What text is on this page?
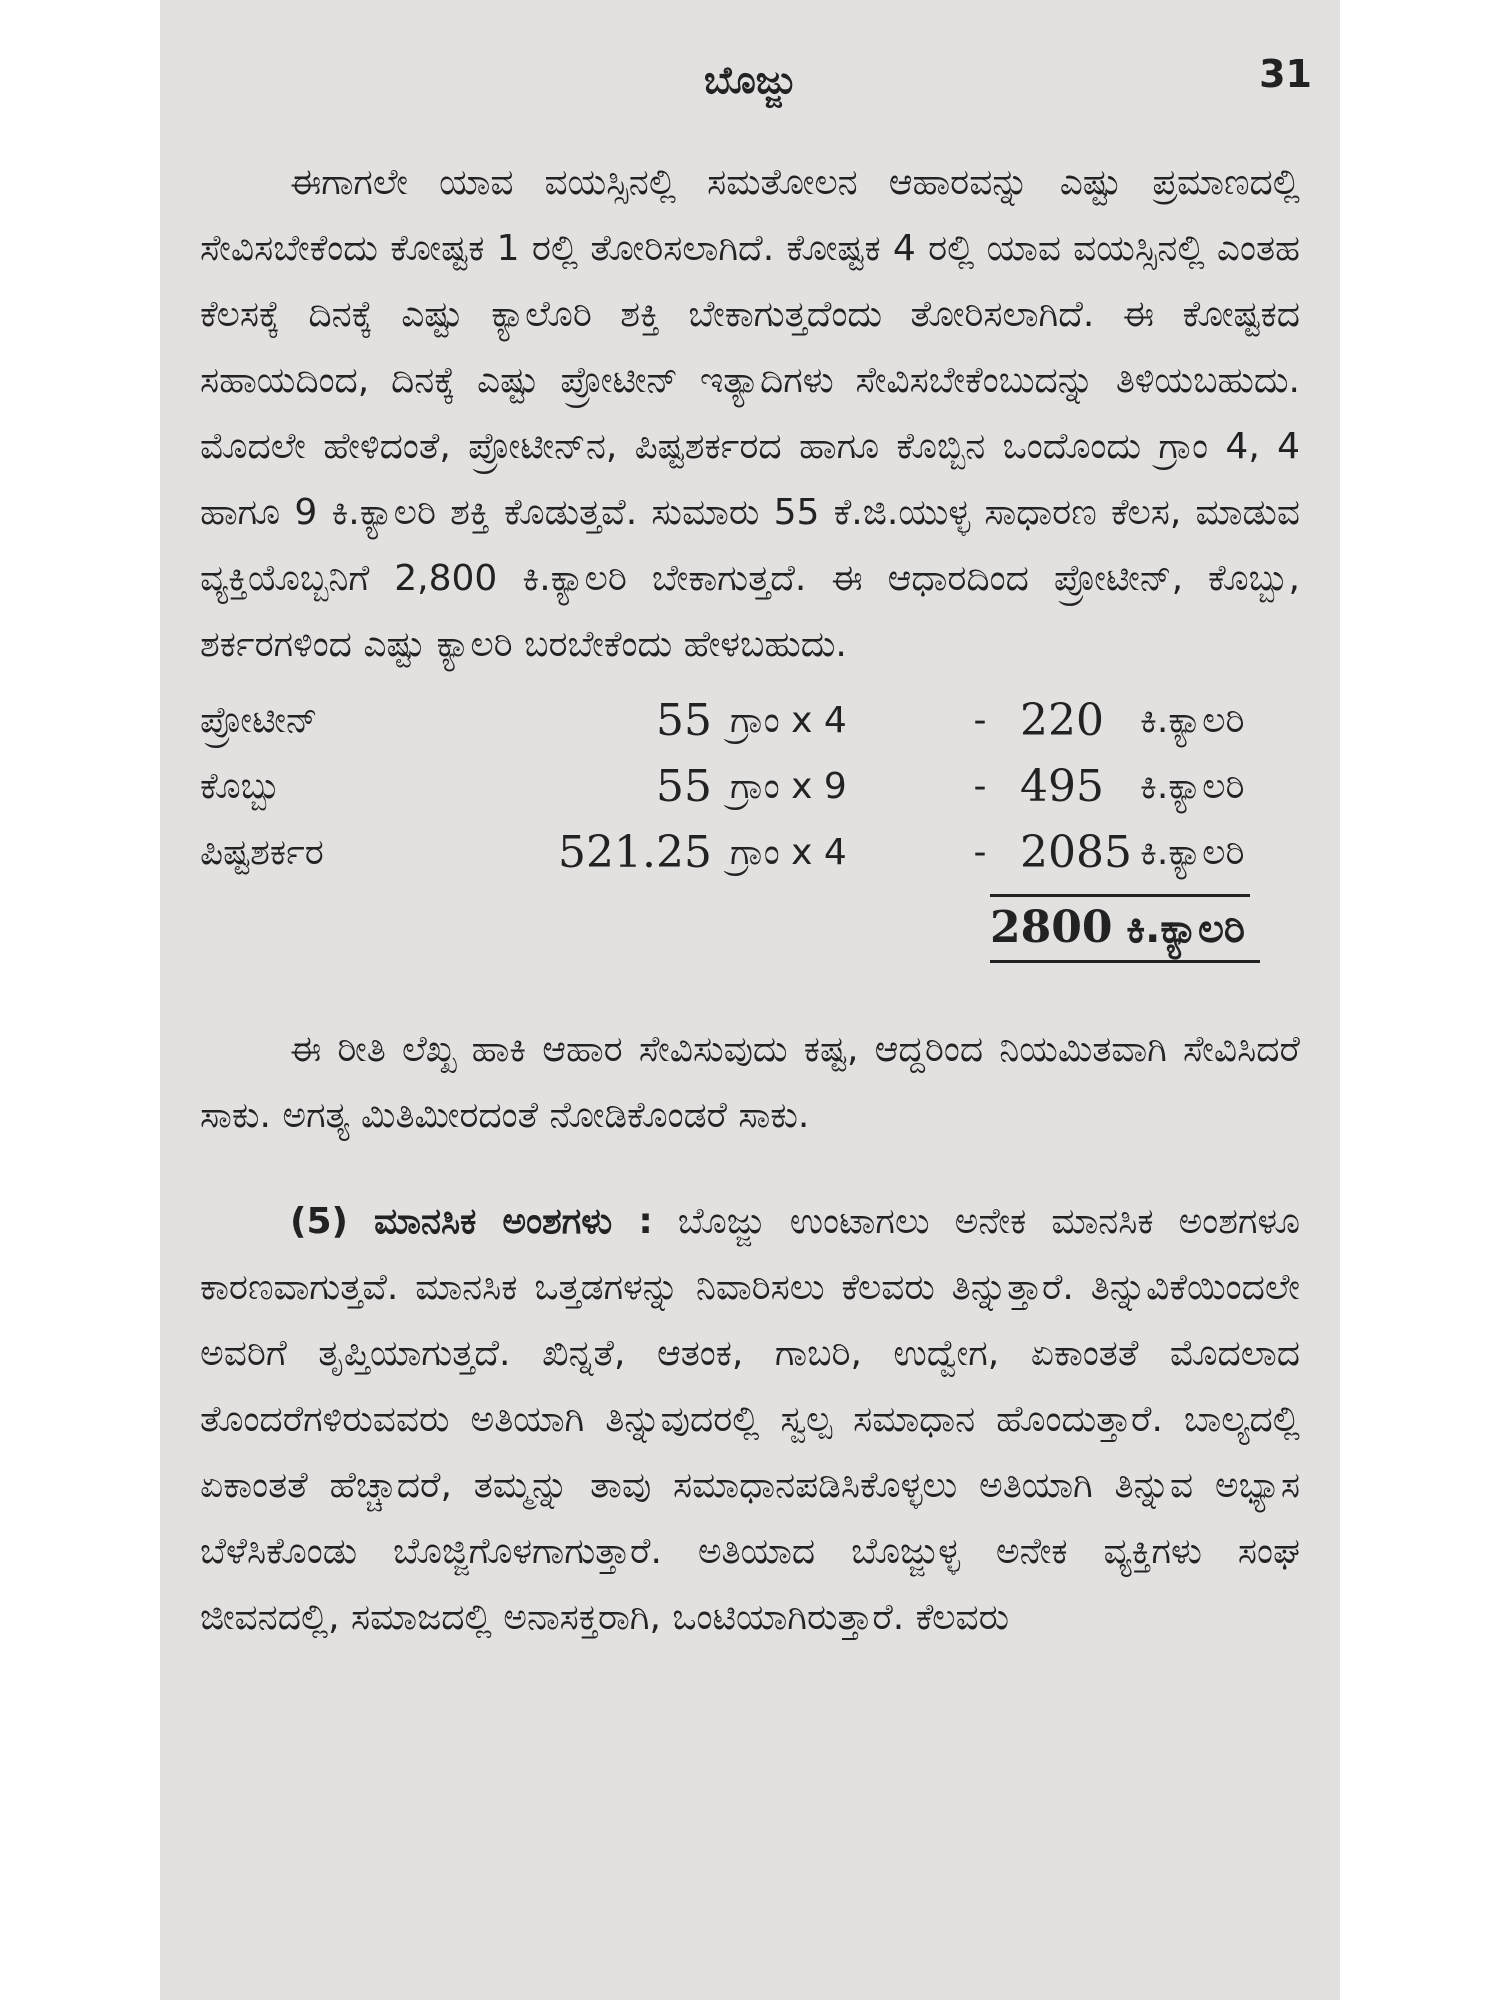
ಬೊಜ್ಜು	31

ಈಗಾಗಲೇ ಯಾವ ವಯಸ್ಸಿನಲ್ಲಿ ಸಮತೋಲನ ಆಹಾರವನ್ನು ಎಷ್ಟು ಪ್ರಮಾಣದಲ್ಲಿ ಸೇವಿಸಬೇಕೆಂದು ಕೋಷ್ಟಕ 1 ರಲ್ಲಿ ತೋರಿಸಲಾಗಿದೆ. ಕೋಷ್ಟಕ 4 ರಲ್ಲಿ ಯಾವ ವಯಸ್ಸಿನಲ್ಲಿ ಎಂತಹ ಕೆಲಸಕ್ಕೆ ದಿನಕ್ಕೆ ಎಷ್ಟು ಕ್ಯಾಲೊರಿ ಶಕ್ತಿ ಬೇಕಾಗುತ್ತದೆಂದು ತೋರಿಸಲಾಗಿದೆ. ಈ ಕೋಷ್ಟಕದ ಸಹಾಯದಿಂದ, ದಿನಕ್ಕೆ ಎಷ್ಟು ಪ್ರೋಟೀನ್ ಇತ್ಯಾದಿಗಳು ಸೇವಿಸಬೇಕೆಂಬುದನ್ನು ತಿಳಿಯಬಹುದು. ಮೊದಲೇ ಹೇಳಿದಂತೆ, ಪ್ರೋಟೀನ್‌ನ, ಪಿಷ್ಟಶರ್ಕರದ ಹಾಗೂ ಕೊಬ್ಬಿನ ಒಂದೊಂದು ಗ್ರಾಂ 4, 4 ಹಾಗೂ 9 ಕಿ.ಕ್ಯಾಲರಿ ಶಕ್ತಿ ಕೊಡುತ್ತವೆ. ಸುಮಾರು 55 ಕೆ.ಜಿ.ಯುಳ್ಳ ಸಾಧಾರಣ ಕೆಲಸ, ಮಾಡುವ ವ್ಯಕ್ತಿಯೊಬ್ಬನಿಗೆ 2,800 ಕಿ.ಕ್ಯಾಲರಿ ಬೇಕಾಗುತ್ತದೆ. ಈ ಆಧಾರದಿಂದ ಪ್ರೋಟೀನ್, ಕೊಬ್ಬು, ಶರ್ಕರಗಳಿಂದ ಎಷ್ಟು ಕ್ಯಾಲರಿ ಬರಬೇಕೆಂದು ಹೇಳಬಹುದು.

ಪ್ರೋಟೀನ್	55 ಗ್ರಾಂ x 4	- 220	ಕಿ.ಕ್ಯಾಲರಿ
ಕೊಬ್ಬು	55 ಗ್ರಾಂ x 9	- 495	ಕಿ.ಕ್ಯಾಲರಿ
ಪಿಷ್ಟಶರ್ಕರ	521.25 ಗ್ರಾಂ x 4	- 2085 ಕಿ.ಕ್ಯಾಲರಿ
2800 ಕಿ.ಕ್ಯಾಲರಿ

ಈ ರೀತಿ ಲೆಖ್ಖ ಹಾಕಿ ಆಹಾರ ಸೇವಿಸುವುದು ಕಷ್ಟ, ಆದ್ದರಿಂದ ನಿಯಮಿತವಾಗಿ ಸೇವಿಸಿದರೆ ಸಾಕು. ಅಗತ್ಯ ಮಿತಿಮೀರದಂತೆ ನೋಡಿಕೊಂಡರೆ ಸಾಕು.

(5) ಮಾನಸಿಕ ಅಂಶಗಳು : ಬೊಜ್ಜು ಉಂಟಾಗಲು ಅನೇಕ ಮಾನಸಿಕ ಅಂಶಗಳೂ ಕಾರಣವಾಗುತ್ತವೆ. ಮಾನಸಿಕ ಒತ್ತಡಗಳನ್ನು ನಿವಾರಿಸಲು ಕೆಲವರು ತಿನ್ನುತ್ತಾರೆ. ತಿನ್ನುವಿಕೆಯಿಂದಲೇ ಅವರಿಗೆ ತೃಪ್ತಿಯಾಗುತ್ತದೆ. ಖಿನ್ನತೆ, ಆತಂಕ, ಗಾಬರಿ, ಉದ್ವೇಗ, ಏಕಾಂತತೆ ಮೊದಲಾದ ತೊಂದರೆಗಳಿರುವವರು ಅತಿಯಾಗಿ ತಿನ್ನುವುದರಲ್ಲಿ ಸ್ವಲ್ಪ ಸಮಾಧಾನ ಹೊಂದುತ್ತಾರೆ. ಬಾಲ್ಯದಲ್ಲಿ ಏಕಾಂತತೆ ಹೆಚ್ಚಾದರೆ, ತಮ್ಮನ್ನು ತಾವು ಸಮಾಧಾನಪಡಿಸಿಕೊಳ್ಳಲು ಅತಿಯಾಗಿ ತಿನ್ನುವ ಅಭ್ಯಾಸ ಬೆಳೆಸಿಕೊಂಡು ಬೊಜ್ಜಿಗೊಳಗಾಗುತ್ತಾರೆ. ಅತಿಯಾದ ಬೊಜ್ಜುಳ್ಳ ಅನೇಕ ವ್ಯಕ್ತಿಗಳು ಸಂಘ ಜೀವನದಲ್ಲಿ, ಸಮಾಜದಲ್ಲಿ ಅನಾಸಕ್ತರಾಗಿ, ಒಂಟಿಯಾಗಿರುತ್ತಾರೆ. ಕೆಲವರು
